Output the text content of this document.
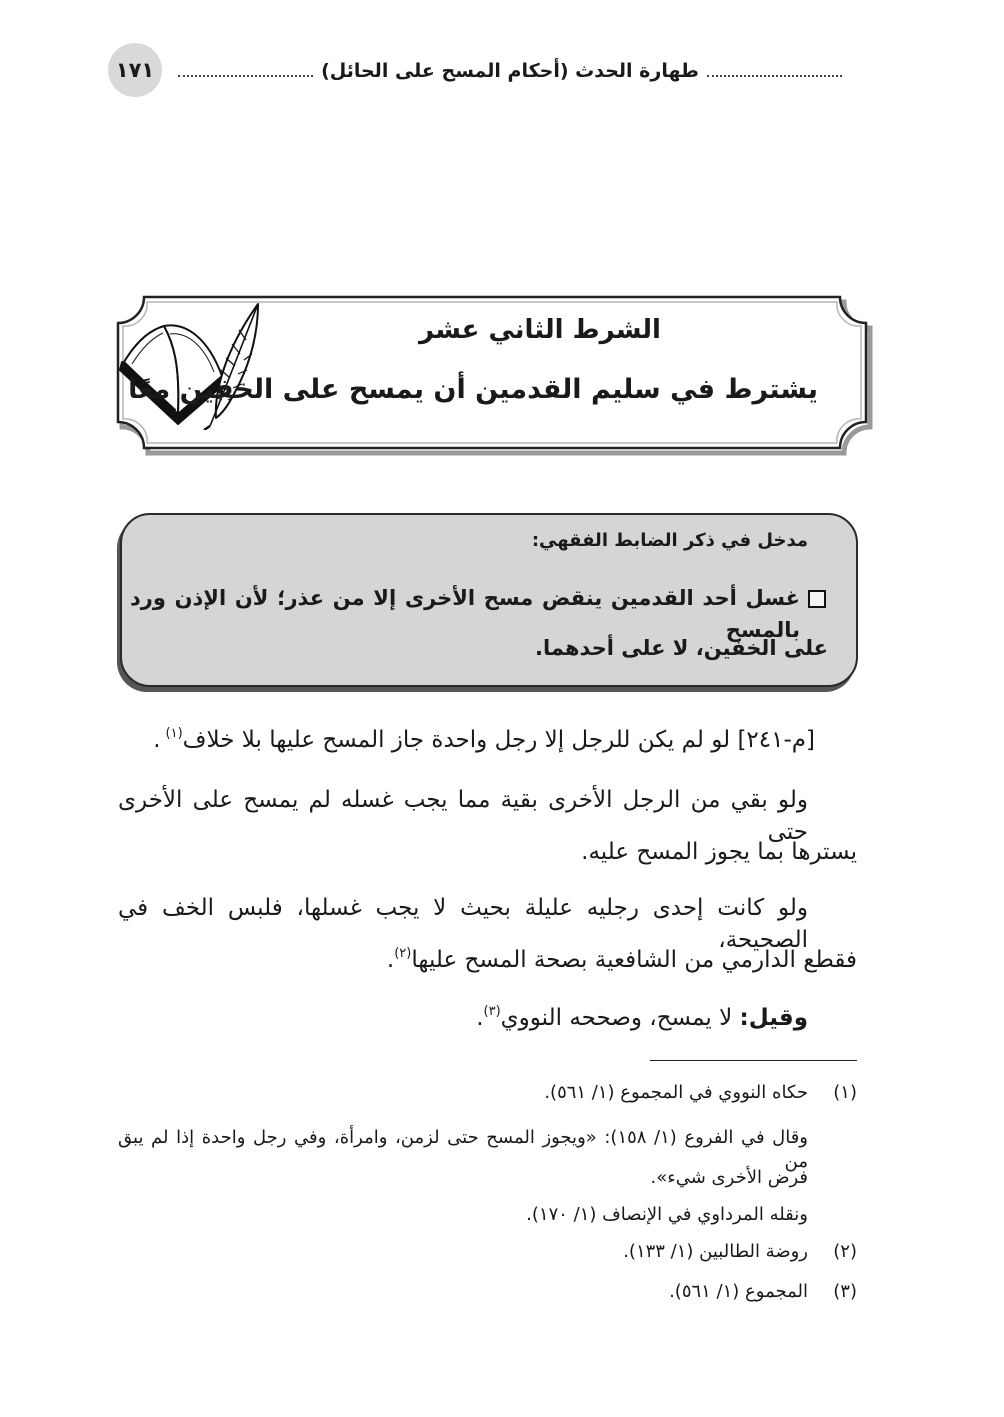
١٧١	طهارة الحدث (أحكام المسح على الحائل)
الشرط الثاني عشر
يشترط في سليم القدمين أن يمسح على الخفين معًا
مدخل في ذكر الضابط الفقهي:
غسل أحد القدمين ينقض مسح الأخرى إلا من عذر؛ لأن الإذن ورد بالمسح
على الخفين، لا على أحدهما.
[م-٢٤١] لو لم يكن للرجل إلا رجل واحدة جاز المسح عليها بلا خلاف$^{(١)}$.
ولو بقي من الرجل الأخرى بقية مما يجب غسله لم يمسح على الأخرى حتى
يسترها بما يجوز المسح عليه.
ولو كانت إحدى رجليه عليلة بحيث لا يجب غسلها، فلبس الخف في الصحيحة،
فقطع الدارمي من الشافعية بصحة المسح عليها$^{(٢)}$.
وقيل: لا يمسح، وصححه النووي$^{(٣)}$.
(١)
حكاه النووي في المجموع (١/ ٥٦١).
وقال في الفروع (١/ ١٥٨): «ويجوز المسح حتى لزمن، وامرأة، وفي رجل واحدة إذا لم يبق من
فرض الأخرى شيء».
ونقله المرداوي في الإنصاف (١/ ١٧٠).
(٢)
روضة الطالبين (١/ ١٣٣).
(٣)
المجموع (١/ ٥٦١).
